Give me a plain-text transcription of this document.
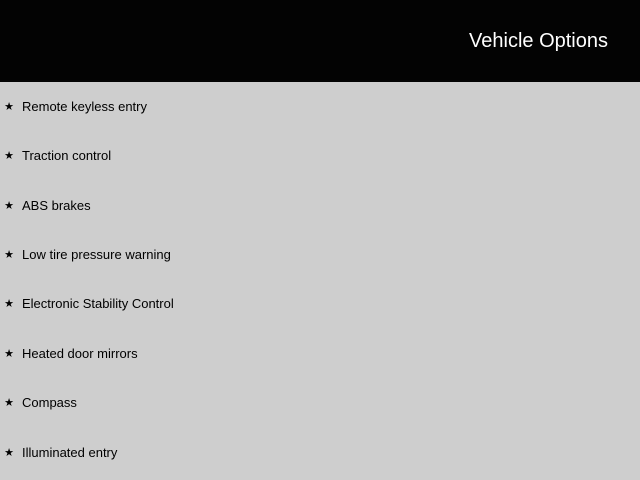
Vehicle Options
★ Remote keyless entry
★ Traction control
★ ABS brakes
★ Low tire pressure warning
★ Electronic Stability Control
★ Heated door mirrors
★ Compass
★ Illuminated entry
